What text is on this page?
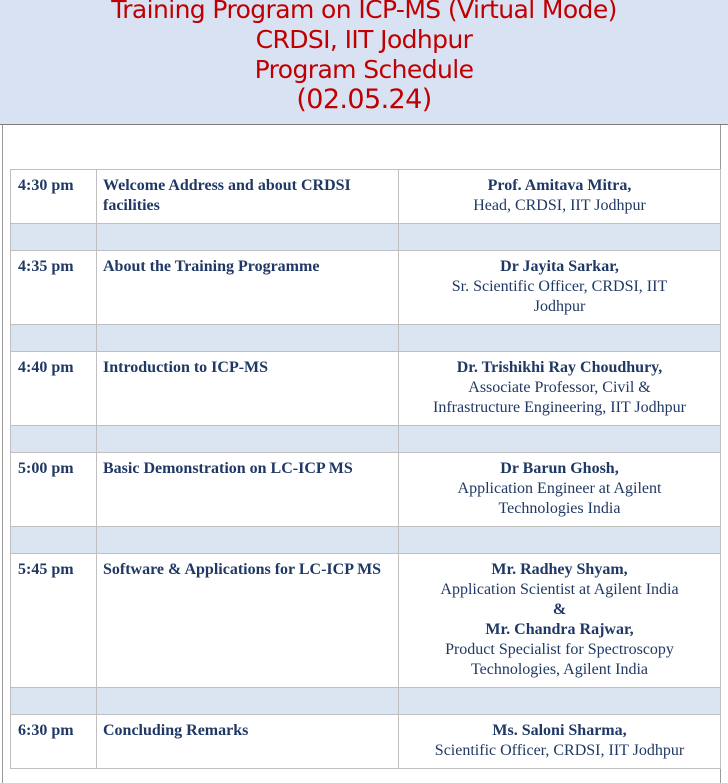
Training Program on ICP-MS (Virtual Mode)
CRDSI, IIT Jodhpur
Program Schedule
(02.05.24)
4:30 pm	Welcome Address and about CRDSI facilities	Prof. Amitava Mitra,
Head, CRDSI, IIT Jodhpur

4:35 pm	About the Training Programme	Dr Jayita Sarkar,
Sr. Scientific Officer, CRDSI, IIT Jodhpur

4:40 pm	Introduction to ICP-MS	Dr. Trishikhi Ray Choudhury,
Associate Professor, Civil & Infrastructure Engineering, IIT Jodhpur

5:00 pm	Basic Demonstration on LC-ICP MS	Dr Barun Ghosh,
Application Engineer at Agilent Technologies India

5:45 pm	Software & Applications for LC-ICP MS	Mr. Radhey Shyam,
Application Scientist at Agilent India
&
Mr. Chandra Rajwar,
Product Specialist for Spectroscopy Technologies, Agilent India

6:30 pm	Concluding Remarks	Ms. Saloni Sharma,
Scientific Officer, CRDSI, IIT Jodhpur
